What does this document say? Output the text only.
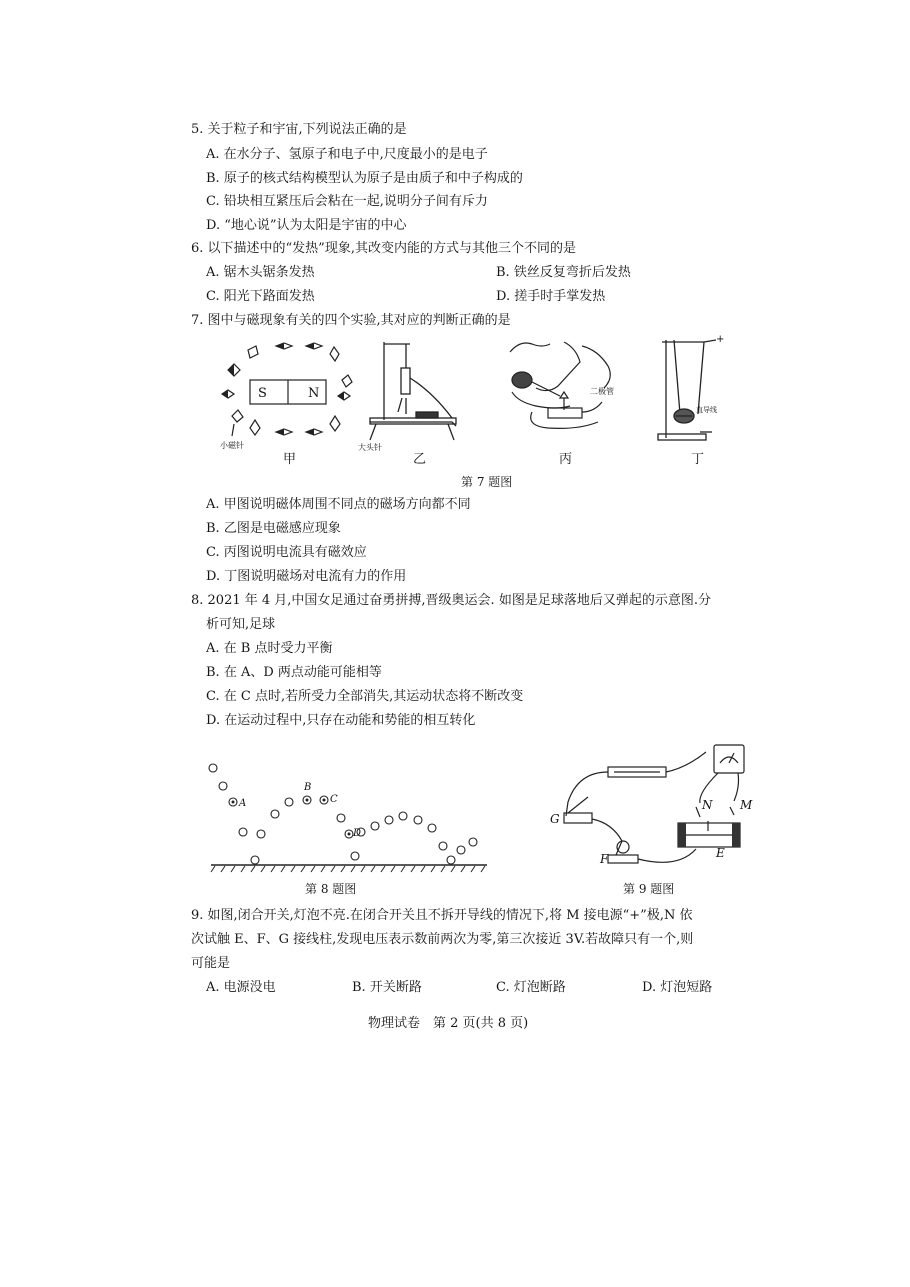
5. 关于粒子和宇宙,下列说法正确的是
A. 在水分子、氢原子和电子中,尺度最小的是电子
B. 原子的核式结构模型认为原子是由质子和中子构成的
C. 铅块相互紧压后会粘在一起,说明分子间有斥力
D. “地心说”认为太阳是宇宙的中心
6. 以下描述中的“发热”现象,其改变内能的方式与其他三个不同的是
A. 锯木头锯条发热	B. 铁丝反复弯折后发热
C. 阳光下路面发热	D. 搓手时手掌发热
7. 图中与磁现象有关的四个实验,其对应的判断正确的是
S	N
小磁针	大头针
二极管
+
直导线
甲	乙	丙	丁
第 7 题图
A. 甲图说明磁体周围不同点的磁场方向都不同
B. 乙图是电磁感应现象
C. 丙图说明电流具有磁效应
D. 丁图说明磁场对电流有力的作用
8. 2021 年 4 月,中国女足通过奋勇拼搏,晋级奥运会. 如图是足球落地后又弹起的示意图.分
析可知,足球
A. 在 B 点时受力平衡
B. 在 A、D 两点动能可能相等
C. 在 C 点时,若所受力全部消失,其运动状态将不断改变
D. 在运动过程中,只存在动能和势能的相互转化
A
B
C
D
第 8 题图
N M
G
F	E
第 9 题图
9. 如图,闭合开关,灯泡不亮.在闭合开关且不拆开导线的情况下,将 M 接电源“+”极,N 依
次试触 E、F、G 接线柱,发现电压表示数前两次为零,第三次接近 3V.若故障只有一个,则
可能是
A. 电源没电	B. 开关断路	C. 灯泡断路	D. 灯泡短路
物理试卷　第 2 页(共 8 页)
